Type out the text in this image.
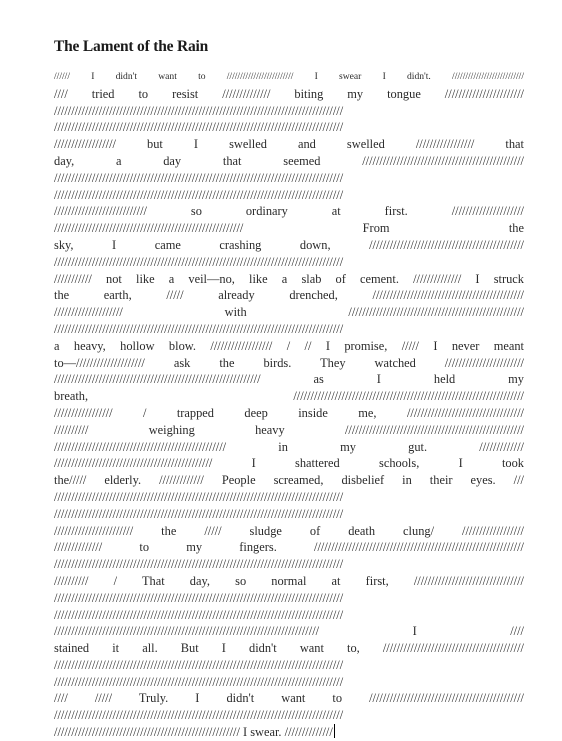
The Lament of the Rain
////// I didn't want to ///////////////////////// I swear I didn't. ///////////////////////////
//// tried to resist ////////////// biting my tongue ///////////////////////
////////////////////////////////////////////////////////////////////////////////////
////////////////////////////////////////////////////////////////////////////////////
////////////////// but I swelled and swelled ///////////////// that
day, a day that seemed ///////////////////////////////////////////////
////////////////////////////////////////////////////////////////////////////////////
////////////////////////////////////////////////////////////////////////////////////
/////////////////////////// so ordinary at first. /////////////////////
/////////////////////////////////////////////////////// From the
sky, I came crashing down, /////////////////////////////////////////////
////////////////////////////////////////////////////////////////////////////////////
/////////// not like a veil—no, like a slab of cement. ////////////// I struck
the earth, ///// already drenched, ////////////////////////////////////////////
//////////////////// with ///////////////////////////////////////////////////
////////////////////////////////////////////////////////////////////////////////////
a heavy, hollow blow. ////////////////// / // I promise, ///// I never meant
to—//////////////////// ask the birds. They watched ///////////////////////
//////////////////////////////////////////////////////////// as I held my
breath, ///////////////////////////////////////////////////////////////////
///////////////// / trapped deep inside me, //////////////////////////////////
////////// weighing heavy ////////////////////////////////////////////////////
////////////////////////////////////////////////// in my gut. /////////////
////////////////////////////////////////////// I shattered schools, I took
the///// elderly. ///////////// People screamed, disbelief in their eyes. ///
////////////////////////////////////////////////////////////////////////////////////
////////////////////////////////////////////////////////////////////////////////////
/////////////////////// the ///// sludge of death clung/ //////////////////
////////////// to my fingers. /////////////////////////////////////////////////////////////
////////////////////////////////////////////////////////////////////////////////////
////////// / That day, so normal at first, ////////////////////////////////
////////////////////////////////////////////////////////////////////////////////////
////////////////////////////////////////////////////////////////////////////////////
///////////////////////////////////////////////////////////////////////////// I ////
stained it all. But I didn't want to, /////////////////////////////////////////
////////////////////////////////////////////////////////////////////////////////////
////////////////////////////////////////////////////////////////////////////////////
//// ///// Truly. I didn't want to /////////////////////////////////////////////
////////////////////////////////////////////////////////////////////////////////////
////////////////////////////////////////////////////// I swear. //////////////
